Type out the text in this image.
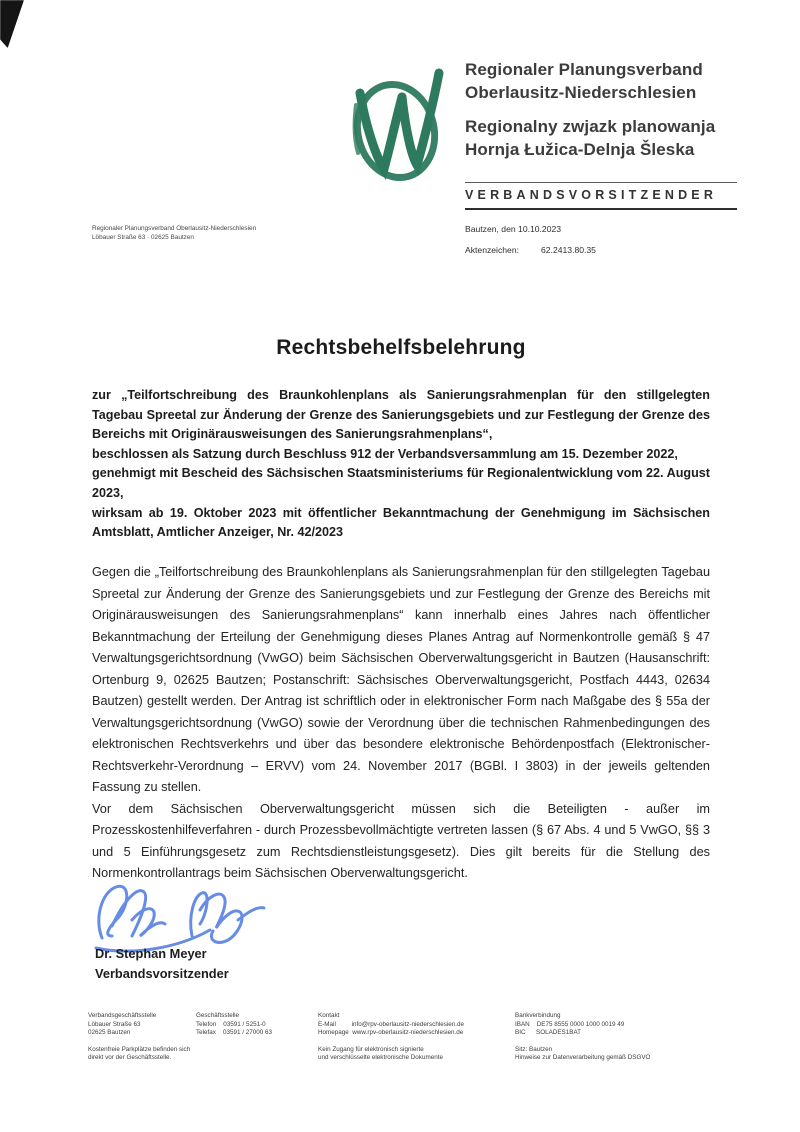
Regionaler Planungsverband
Oberlausitz-Niederschlesien
Regionalny zwjazk planowanja
Hornja Łužica-Delnja Šleska
VERBANDSVORSITZENDER
Regionaler Planungsverband Oberlausitz-Niederschlesien
Löbauer Straße 63 · 02625 Bautzen
Bautzen, den 10.10.2023
Aktenzeichen:	62.2413.80.35
Rechtsbehelfsbelehrung
zur „Teilfortschreibung des Braunkohlenplans als Sanierungsrahmenplan für den stillgelegten Tagebau Spreetal zur Änderung der Grenze des Sanierungsgebiets und zur Festlegung der Grenze des Bereichs mit Originärausweisungen des Sanierungsrahmenplans“,
beschlossen als Satzung durch Beschluss 912 der Verbandsversammlung am 15. Dezember 2022,
genehmigt mit Bescheid des Sächsischen Staatsministeriums für Regionalentwicklung vom 22. August 2023,
wirksam ab 19. Oktober 2023 mit öffentlicher Bekanntmachung der Genehmigung im Sächsischen Amtsblatt, Amtlicher Anzeiger, Nr. 42/2023
Gegen die „Teilfortschreibung des Braunkohlenplans als Sanierungsrahmenplan für den stillgelegten Tagebau Spreetal zur Änderung der Grenze des Sanierungsgebiets und zur Festlegung der Grenze des Bereichs mit Originärausweisungen des Sanierungsrahmenplans“ kann innerhalb eines Jahres nach öffentlicher Bekanntmachung der Erteilung der Genehmigung dieses Planes Antrag auf Normenkontrolle gemäß § 47 Verwaltungsgerichtsordnung (VwGO) beim Sächsischen Oberverwaltungsgericht in Bautzen (Hausanschrift: Ortenburg 9, 02625 Bautzen; Postanschrift: Sächsisches Oberverwaltungsgericht, Postfach 4443, 02634 Bautzen) gestellt werden. Der Antrag ist schriftlich oder in elektronischer Form nach Maßgabe des § 55a der Verwaltungsgerichtsordnung (VwGO) sowie der Verordnung über die technischen Rahmenbedingungen des elektronischen Rechtsverkehrs und über das besondere elektronische Behördenpostfach (Elektronischer-Rechtsverkehr-Verordnung – ERVV) vom 24. November 2017 (BGBl. I 3803) in der jeweils geltenden Fassung zu stellen.
Vor dem Sächsischen Oberverwaltungsgericht müssen sich die Beteiligten - außer im Prozesskostenhilfeverfahren - durch Prozessbevollmächtigte vertreten lassen (§ 67 Abs. 4 und 5 VwGO, §§ 3 und 5 Einführungsgesetz zum Rechtsdienstleistungsgesetz). Dies gilt bereits für die Stellung des Normenkontrollantrags beim Sächsischen Oberverwaltungsgericht.
Dr. Stephan Meyer
Verbandsvorsitzender
Verbandsgeschäftsstelle
Löbauer Straße 63
02625 Bautzen
Kostenfreie Parkplätze befinden sich
direkt vor der Geschäftsstelle.
Geschäftsstelle
Telefon    03591 / 5251-0
Telefax    03591 / 27000 63
Kontakt
E-Mail         info@rpv-oberlausitz-niederschlesien.de
Homepage  www.rpv-oberlausitz-niederschlesien.de
Kein Zugang für elektronisch signierte
und verschlüsselte elektronische Dokumente
Bankverbindung
IBAN    DE75 8555 0000 1000 0019 49
BIC      SOLADES1BAT
Sitz: Bautzen
Hinweise zur Datenverarbeitung gemäß DSGVO
